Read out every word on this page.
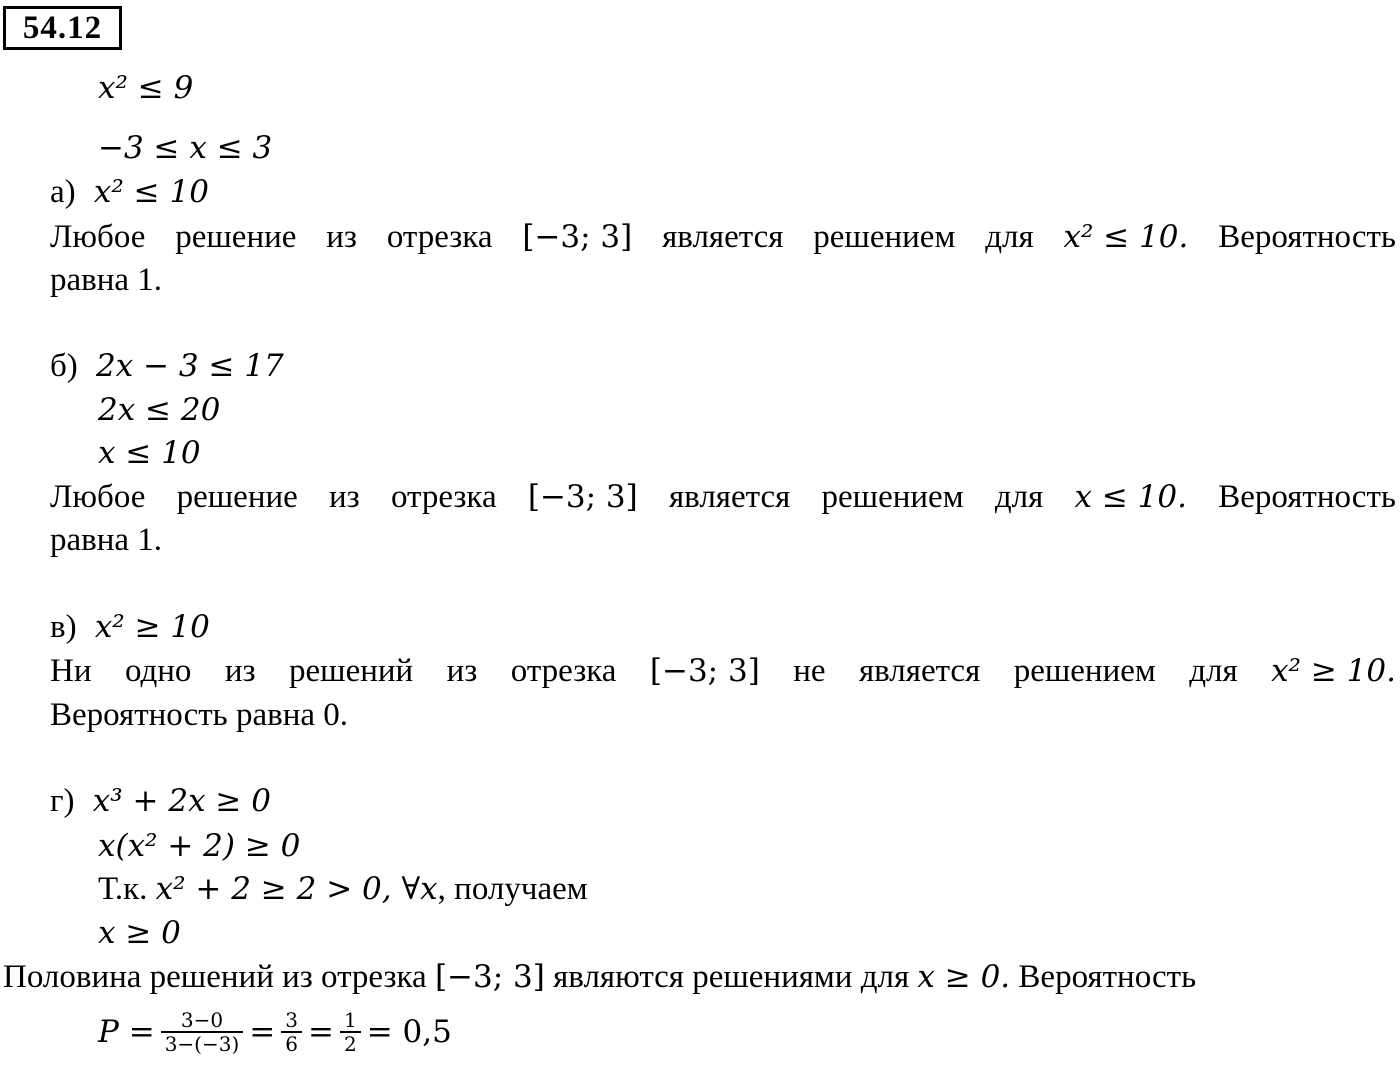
54.12
x² ≤ 9
−3 ≤ x ≤ 3
а) x² ≤ 10
Любое решение из отрезка [−3; 3] является решением для x² ≤ 10. Вероятность
равна 1.
б) 2x − 3 ≤ 17
2x ≤ 20
x ≤ 10
Любое решение из отрезка [−3; 3] является решением для x ≤ 10. Вероятность
равна 1.
в) x² ≥ 10
Ни одно из решений из отрезка [−3; 3] не является решением для x² ≥ 10.
Вероятность равна 0.
г) x³ + 2x ≥ 0
x(x² + 2) ≥ 0
Т.к. x² + 2 ≥ 2 > 0, ∀x, получаем
x ≥ 0
Половина решений из отрезка [−3; 3] являются решениями для x ≥ 0. Вероятность
$P = \frac{3-0}{3-(-3)} = \frac{3}{6} = \frac{1}{2} = 0,5$
